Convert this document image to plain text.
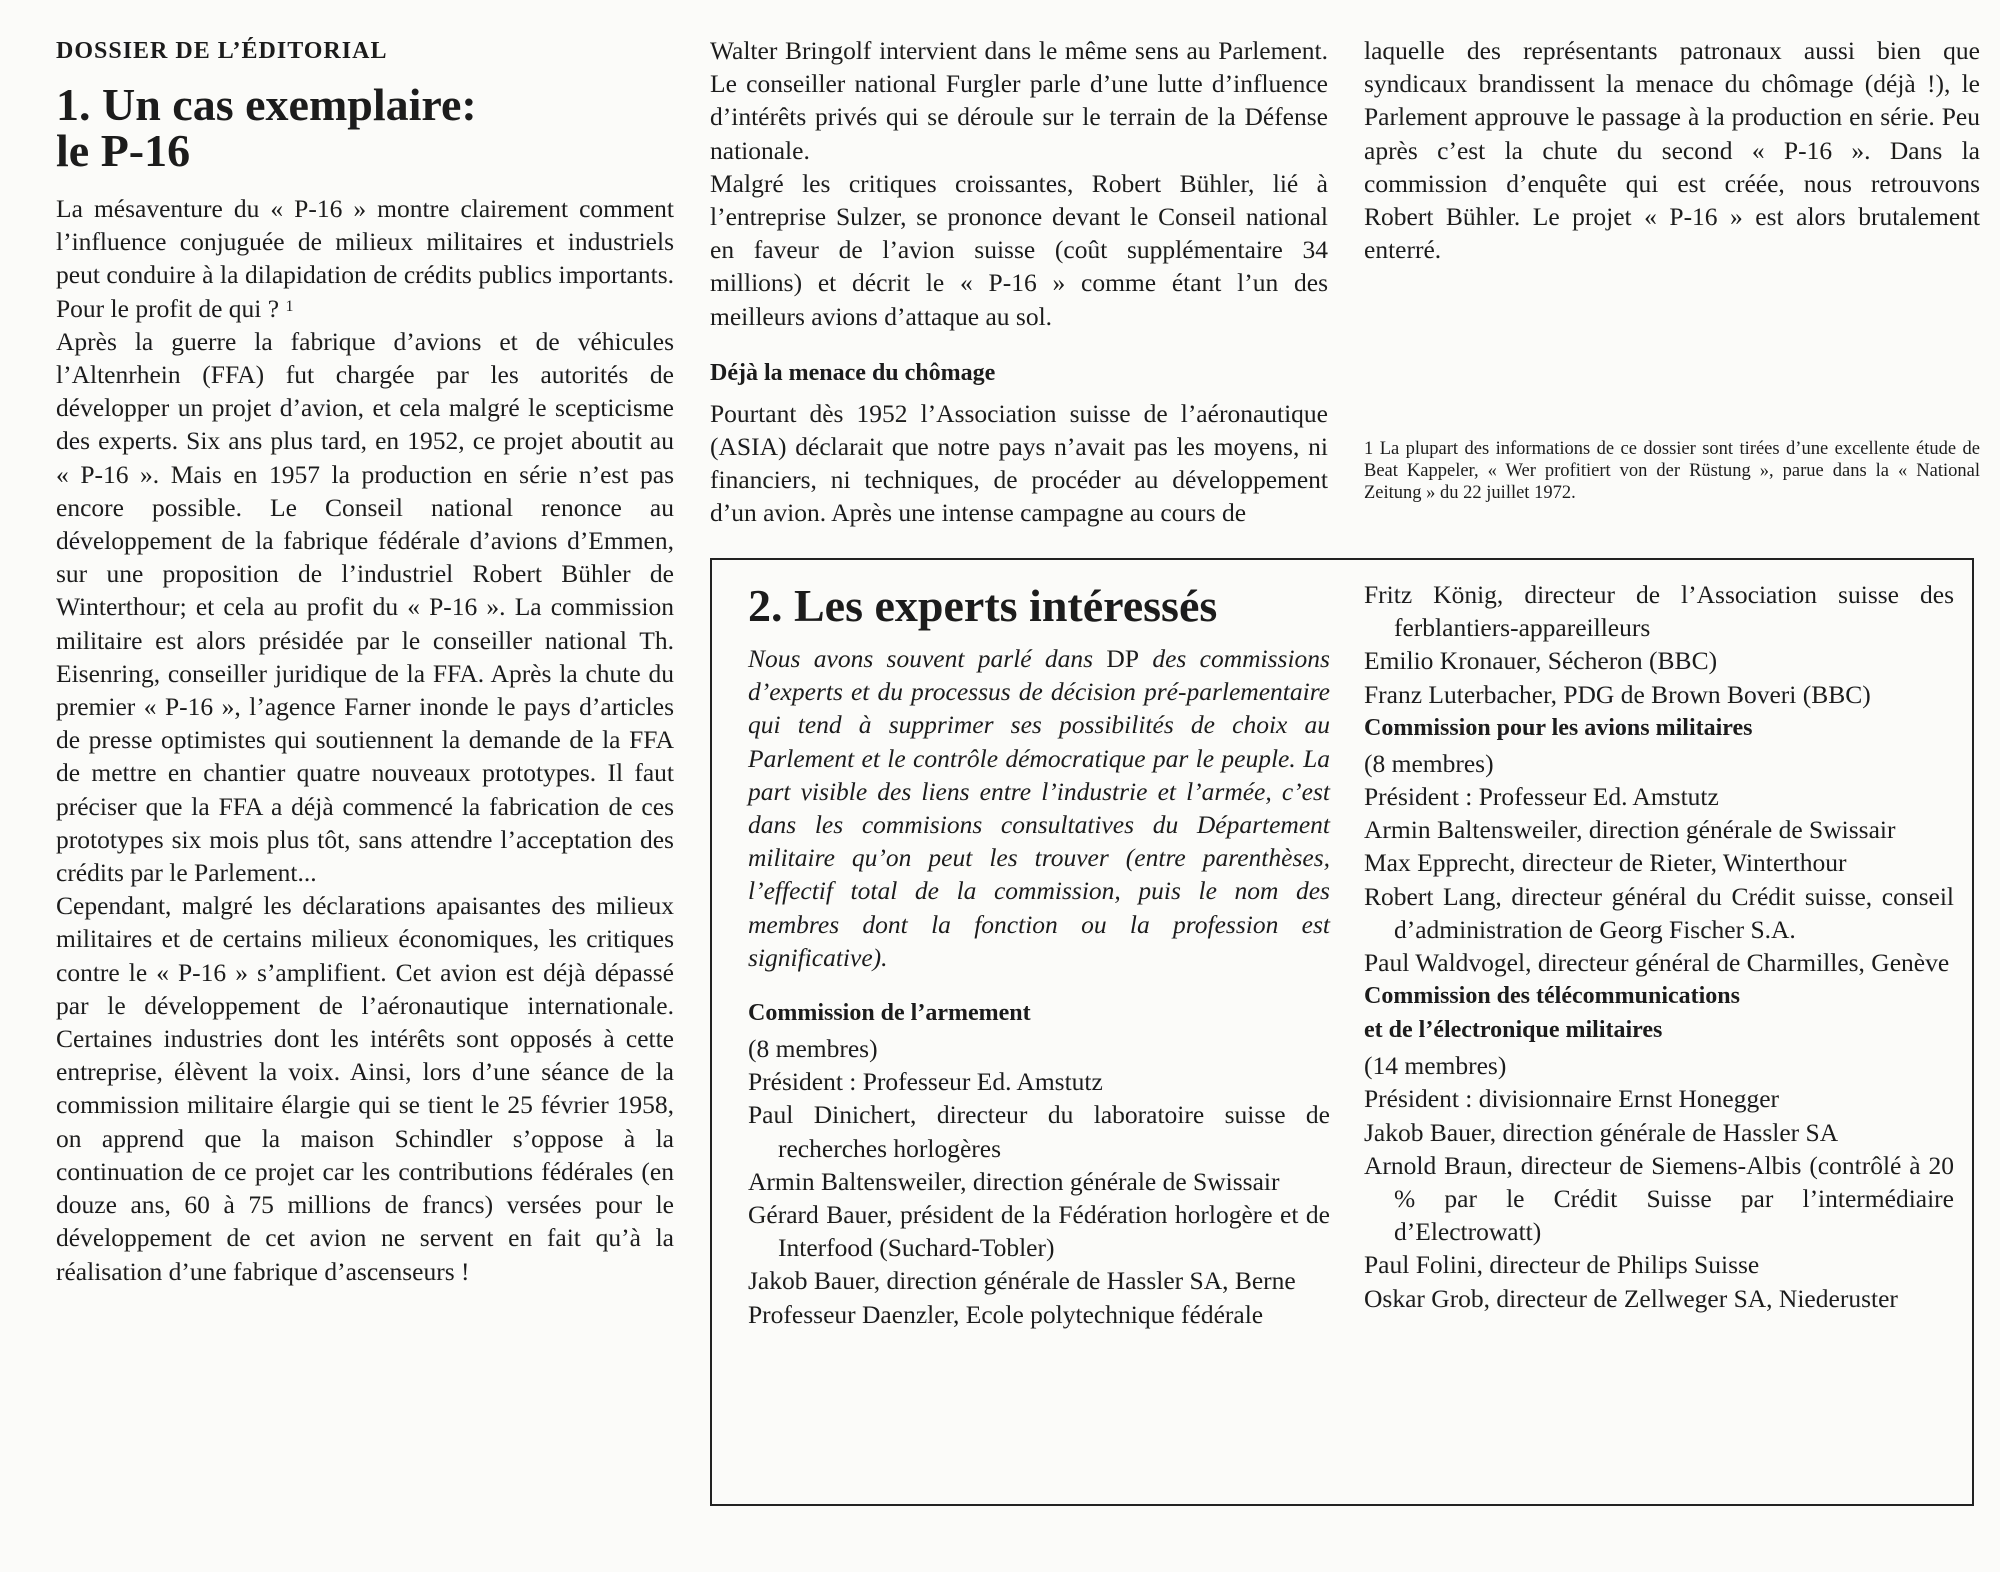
DOSSIER DE L’ÉDITORIAL
1. Un cas exemplaire:
le P-16

La mésaventure du « P-16 » montre clairement comment l’influence conjuguée de milieux militaires et industriels peut conduire à la dilapidation de crédits publics importants. Pour le profit de qui ? $^1$

Après la guerre la fabrique d’avions et de véhicules l’Altenrhein (FFA) fut chargée par les autorités de développer un projet d’avion, et cela malgré le scepticisme des experts. Six ans plus tard, en 1952, ce projet aboutit au « P-16 ». Mais en 1957 la production en série n’est pas encore possible. Le Conseil national renonce au développement de la fabrique fédérale d’avions d’Emmen, sur une proposition de l’industriel Robert Bühler de Winterthour; et cela au profit du « P-16 ». La commission militaire est alors présidée par le conseiller national Th. Eisenring, conseiller juridique de la FFA. Après la chute du premier « P-16 », l’agence Farner inonde le pays d’articles de presse optimistes qui soutiennent la demande de la FFA de mettre en chantier quatre nouveaux prototypes. Il faut préciser que la FFA a déjà commencé la fabrication de ces prototypes six mois plus tôt, sans attendre l’acceptation des crédits par le Parlement...

Cependant, malgré les déclarations apaisantes des milieux militaires et de certains milieux économiques, les critiques contre le « P-16 » s’amplifient. Cet avion est déjà dépassé par le développement de l’aéronautique internationale. Certaines industries dont les intérêts sont opposés à cette entreprise, élèvent la voix. Ainsi, lors d’une séance de la commission militaire élargie qui se tient le 25 février 1958, on apprend que la maison Schindler s’oppose à la continuation de ce projet car les contributions fédérales (en douze ans, 60 à 75 millions de francs) versées pour le développement de cet avion ne servent en fait qu’à la réalisation d’une fabrique d’ascenseurs !

Walter Bringolf intervient dans le même sens au Parlement. Le conseiller national Furgler parle d’une lutte d’influence d’intérêts privés qui se déroule sur le terrain de la Défense nationale.

Malgré les critiques croissantes, Robert Bühler, lié à l’entreprise Sulzer, se prononce devant le Conseil national en faveur de l’avion suisse (coût supplémentaire 34 millions) et décrit le « P-16 » comme étant l’un des meilleurs avions d’attaque au sol.

Déjà la menace du chômage

Pourtant dès 1952 l’Association suisse de l’aéronautique (ASIA) déclarait que notre pays n’avait pas les moyens, ni financiers, ni techniques, de procéder au développement d’un avion. Après une intense campagne au cours de

laquelle des représentants patronaux aussi bien que syndicaux brandissent la menace du chômage (déjà !), le Parlement approuve le passage à la production en série. Peu après c’est la chute du second « P-16 ». Dans la commission d’enquête qui est créée, nous retrouvons Robert Bühler. Le projet « P-16 » est alors brutalement enterré.

1 La plupart des informations de ce dossier sont tirées d’une excellente étude de Beat Kappeler, « Wer profitiert von der Rüstung », parue dans la « National Zeitung » du 22 juillet 1972.
2. Les experts intéressés

Nous avons souvent parlé dans DP des commissions d’experts et du processus de décision pré-parlementaire qui tend à supprimer ses possibilités de choix au Parlement et le contrôle démocratique par le peuple. La part visible des liens entre l’industrie et l’armée, c’est dans les commisions consultatives du Département militaire qu’on peut les trouver (entre parenthèses, l’effectif total de la commission, puis le nom des membres dont la fonction ou la profession est significative).

Commission de l’armement
(8 membres)
Président : Professeur Ed. Amstutz
Paul Dinichert, directeur du laboratoire suisse de recherches horlogères
Armin Baltensweiler, direction générale de Swissair
Gérard Bauer, président de la Fédération horlogère et de Interfood (Suchard-Tobler)
Jakob Bauer, direction générale de Hassler SA, Berne
Professeur Daenzler, Ecole polytechnique fédérale
Fritz König, directeur de l’Association suisse des ferblantiers-appareilleurs
Emilio Kronauer, Sécheron (BBC)
Franz Luterbacher, PDG de Brown Boveri (BBC)
Commission pour les avions militaires
(8 membres)
Président : Professeur Ed. Amstutz
Armin Baltensweiler, direction générale de Swissair
Max Epprecht, directeur de Rieter, Winterthour
Robert Lang, directeur général du Crédit suisse, conseil d’administration de Georg Fischer S.A.
Paul Waldvogel, directeur général de Charmilles, Genève
Commission des télécommunications
et de l’électronique militaires
(14 membres)
Président : divisionnaire Ernst Honegger
Jakob Bauer, direction générale de Hassler SA
Arnold Braun, directeur de Siemens-Albis (contrôlé à 20 % par le Crédit Suisse par l’intermédiaire d’Electrowatt)
Paul Folini, directeur de Philips Suisse
Oskar Grob, directeur de Zellweger SA, Niederuster
